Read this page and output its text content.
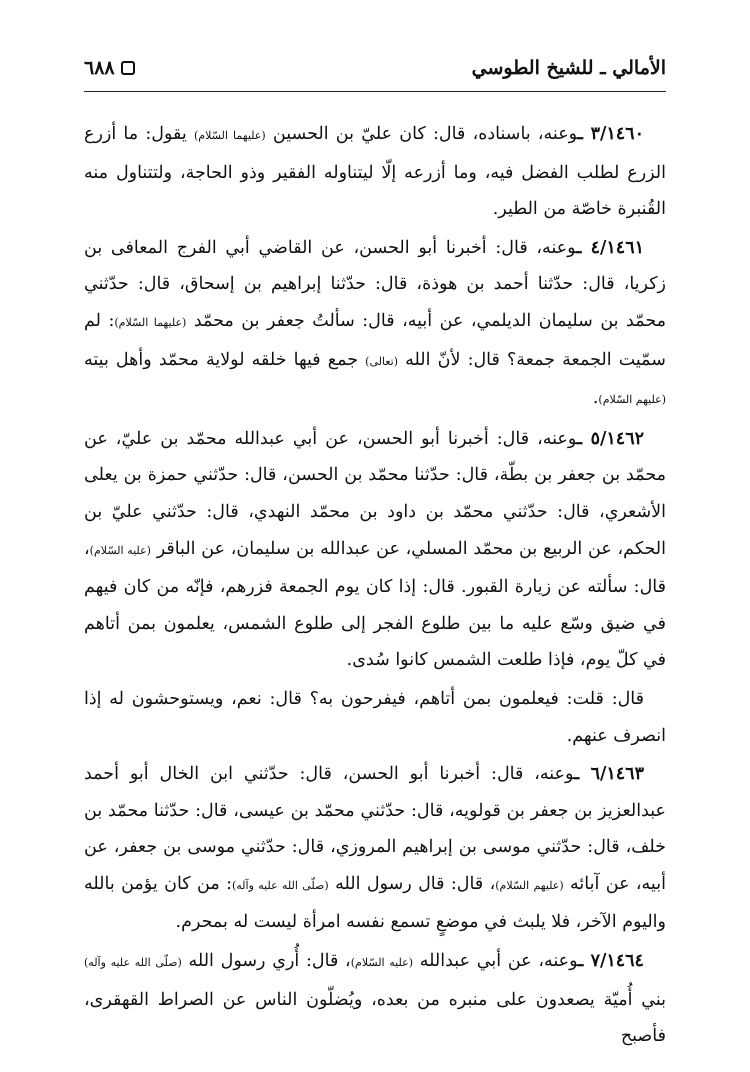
الأمالي ـ للشيخ الطوسي
٦٨٨

٣/١٤٦٠ ـوعنه، باسناده، قال: كان عليّ بن الحسين (عليهما السّلام) يقول: ما أزرع الزرع لطلب الفضل فيه، وما أزرعه إلّا ليتناوله الفقير وذو الحاجة، ولتتناول منه القُنبرة خاصّة من الطير.

٤/١٤٦١ ـوعنه، قال: أخبرنا أبو الحسن، عن القاضي أبي الفرج المعافى بن زكريا، قال: حدّثنا أحمد بن هوذة، قال: حدّثنا إبراهيم بن إسحاق، قال: حدّثني محمّد بن سليمان الديلمي، عن أبيه، قال: سألتُ جعفر بن محمّد (عليهما السّلام): لم سمّيت الجمعة جمعة؟ قال: لأنّ الله (تعالى) جمع فيها خلقه لولاية محمّد وأهل بيته (عليهم السّلام).

٥/١٤٦٢ ـوعنه، قال: أخبرنا أبو الحسن، عن أبي عبدالله محمّد بن عليّ، عن محمّد بن جعفر بن بطّة، قال: حدّثنا محمّد بن الحسن، قال: حدّثني حمزة بن يعلى الأشعري، قال: حدّثني محمّد بن داود بن محمّد النهدي، قال: حدّثني عليّ بن الحكم، عن الربيع بن محمّد المسلي، عن عبدالله بن سليمان، عن الباقر (عليه السّلام)، قال: سألته عن زيارة القبور. قال: إذا كان يوم الجمعة فزرهم، فإنّه من كان فيهم في ضيق وسّع عليه ما بين طلوع الفجر إلى طلوع الشمس، يعلمون بمن أتاهم في كلّ يوم، فإذا طلعت الشمس كانوا سُدى.

قال: قلت: فيعلمون بمن أتاهم، فيفرحون به؟ قال: نعم، ويستوحشون له إذا انصرف عنهم.

٦/١٤٦٣ ـوعنه، قال: أخبرنا أبو الحسن، قال: حدّثني ابن الخال أبو أحمد عبدالعزيز بن جعفر بن قولويه، قال: حدّثني محمّد بن عيسى، قال: حدّثنا محمّد بن خلف، قال: حدّثني موسى بن إبراهيم المروزي، قال: حدّثني موسى بن جعفر، عن أبيه، عن آبائه (عليهم السّلام)، قال: قال رسول الله (صلّى الله عليه وآله): من كان يؤمن بالله واليوم الآخر، فلا يلبث في موضعٍ تسمع نفسه امرأة ليست له بمحرم.

٧/١٤٦٤ ـوعنه، عن أبي عبدالله (عليه السّلام)، قال: أُري رسول الله (صلّى الله عليه وآله) بني أُميّة يصعدون على منبره من بعده، ويُضلّون الناس عن الصراط القهقرى، فأصبح
